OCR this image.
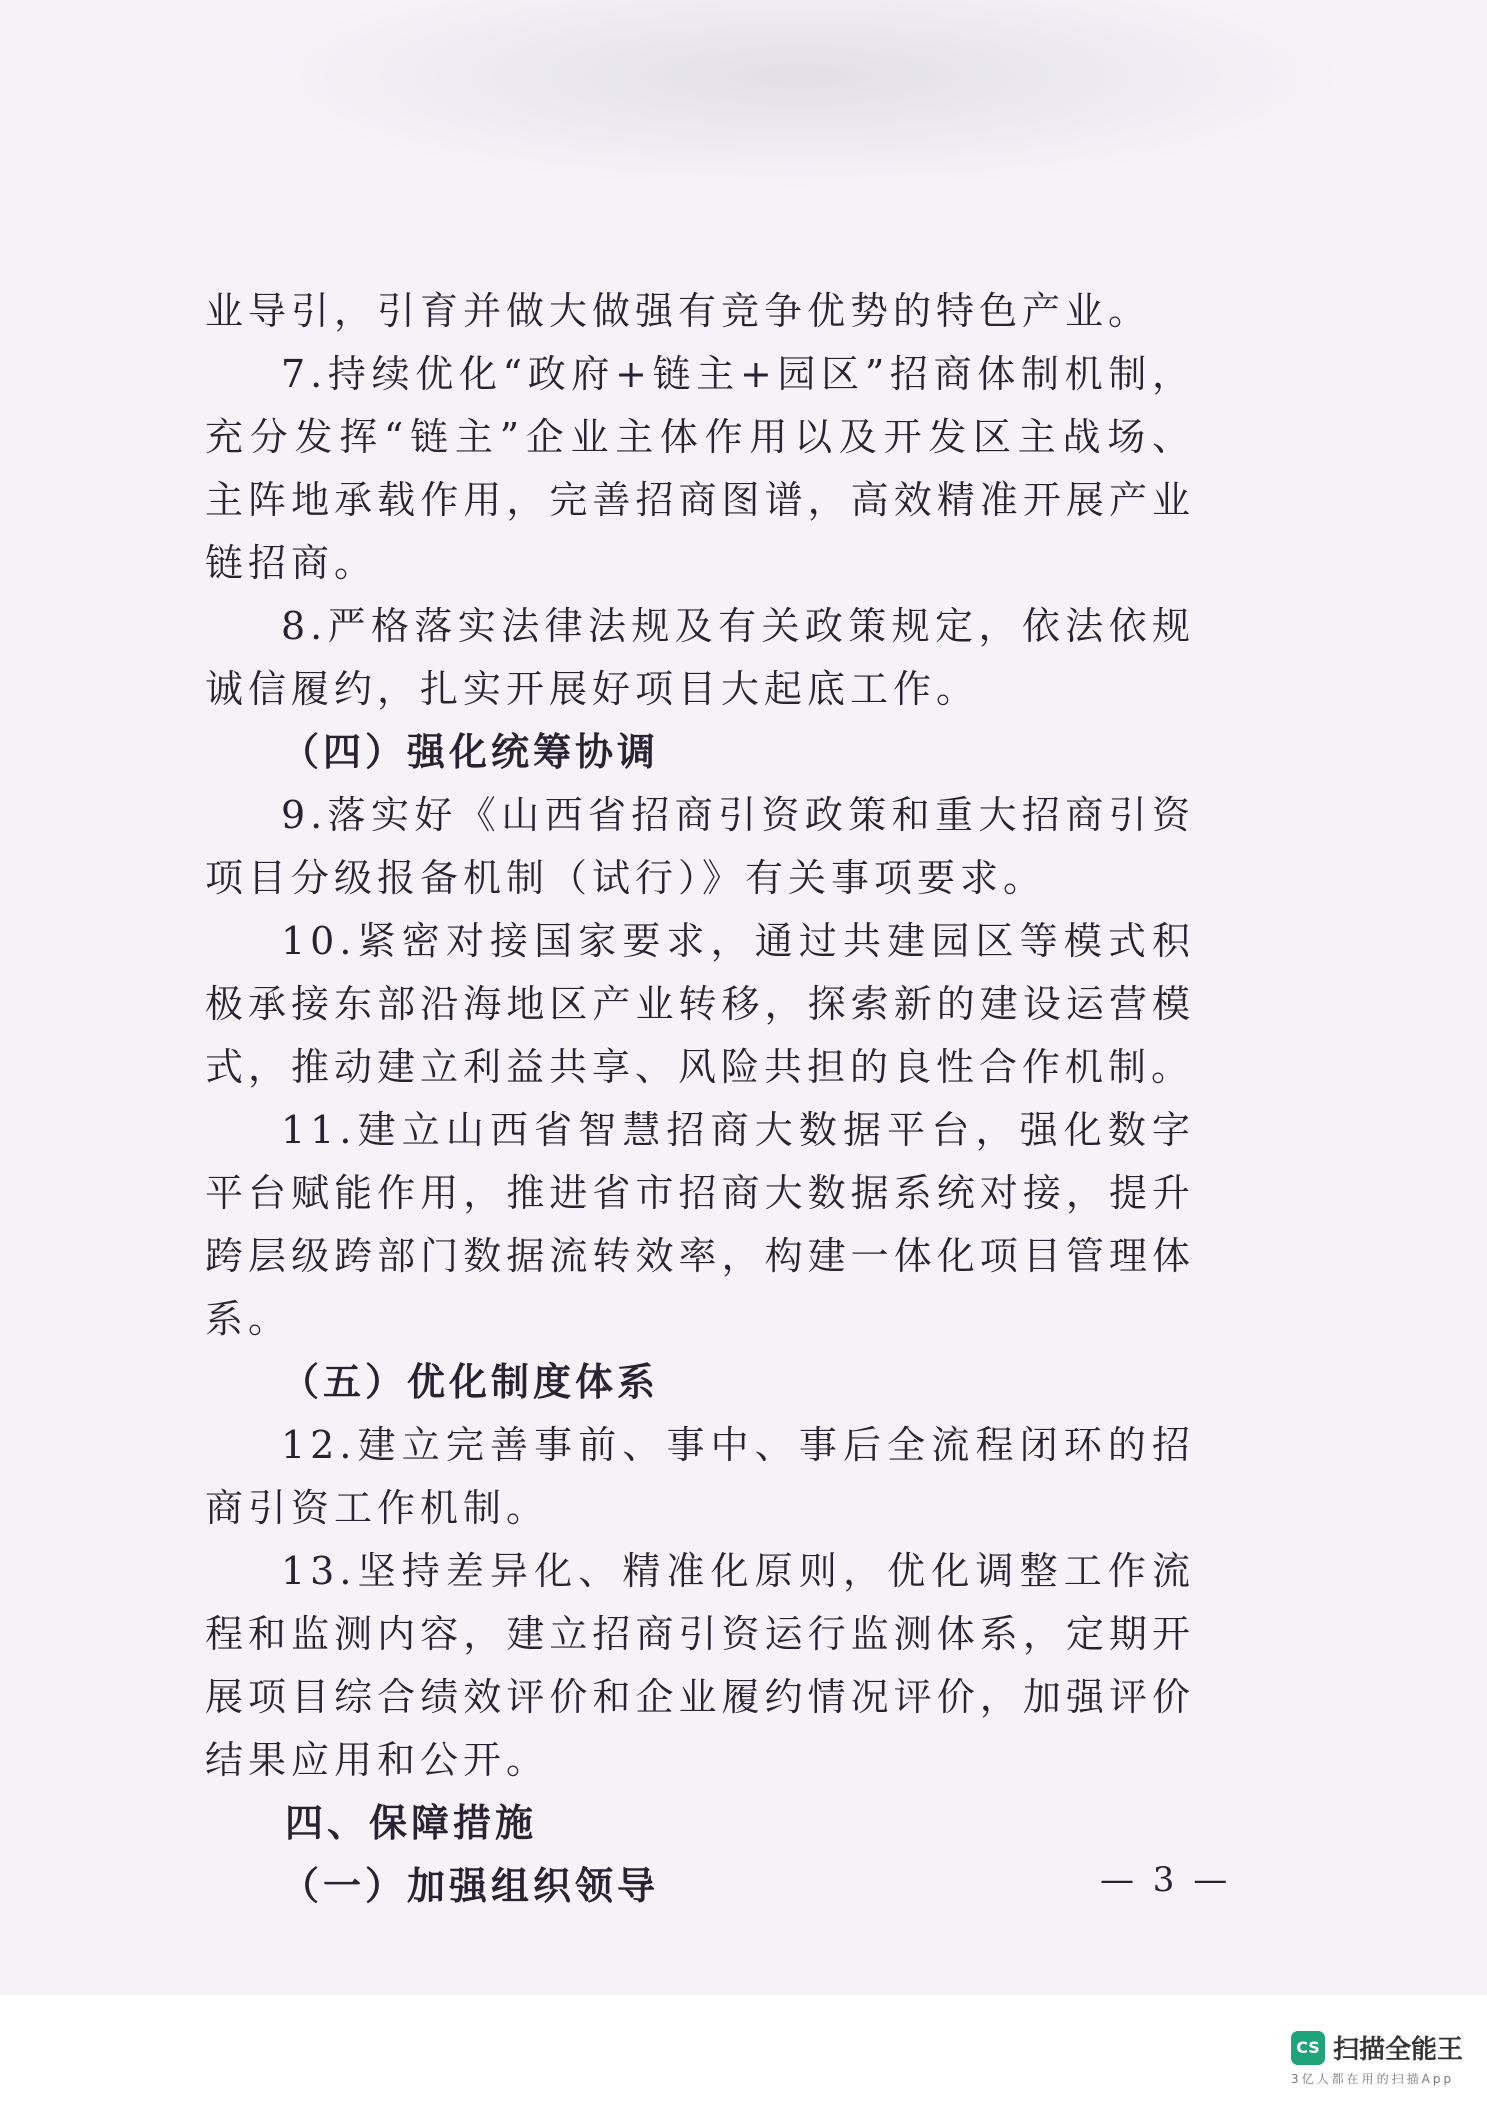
业导引，引育并做大做强有竞争优势的特色产业。

7.持续优化“政府+链主+园区”招商体制机制，充分发挥“链主”企业主体作用以及开发区主战场、主阵地承载作用，完善招商图谱，高效精准开展产业链招商。

8.严格落实法律法规及有关政策规定，依法依规诚信履约，扎实开展好项目大起底工作。

（四）强化统筹协调

9.落实好《山西省招商引资政策和重大招商引资项目分级报备机制（试行）》有关事项要求。

10.紧密对接国家要求，通过共建园区等模式积极承接东部沿海地区产业转移，探索新的建设运营模式，推动建立利益共享、风险共担的良性合作机制。

11.建立山西省智慧招商大数据平台，强化数字平台赋能作用，推进省市招商大数据系统对接，提升跨层级跨部门数据流转效率，构建一体化项目管理体系。

（五）优化制度体系

12.建立完善事前、事中、事后全流程闭环的招商引资工作机制。

13.坚持差异化、精准化原则，优化调整工作流程和监测内容，建立招商引资运行监测体系，定期开展项目综合绩效评价和企业履约情况评价，加强评价结果应用和公开。

四、保障措施

（一）加强组织领导	— 3 —
CS 扫描全能王
3亿人都在用的扫描App
